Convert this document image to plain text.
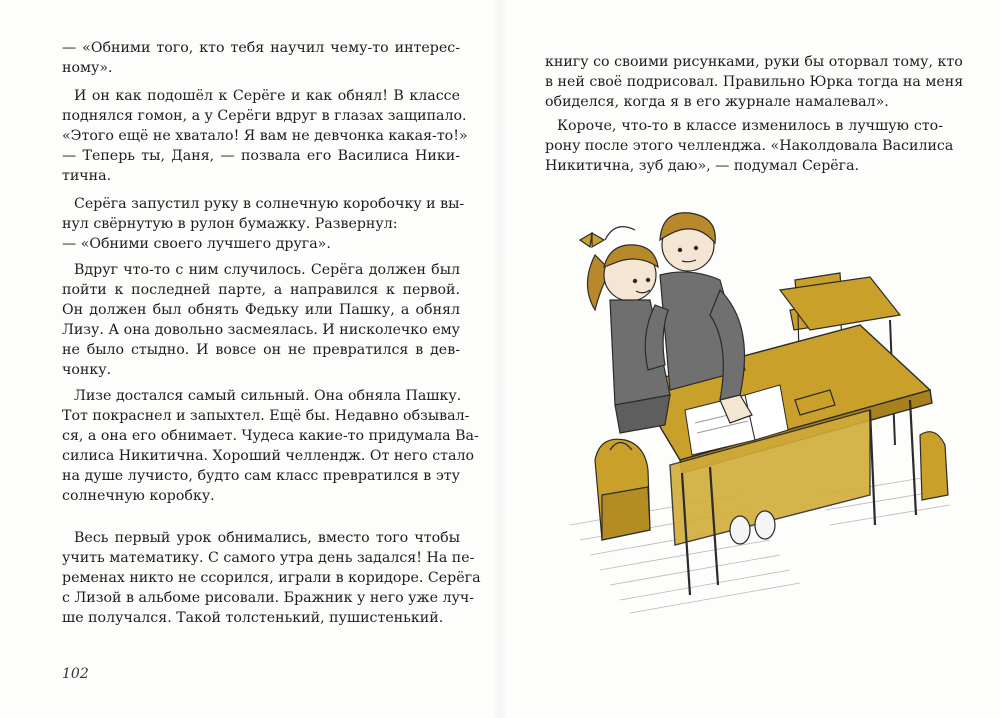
— «Обними того, кто тебя научил чему-то интерес-
ному».
И он как подошёл к Серёге и как обнял! В классе
поднялся гомон, а у Серёги вдруг в глазах защипало.
«Этого ещё не хватало! Я вам не девчонка какая-то!»
— Теперь ты, Даня, — позвала его Василиса Ники-
тична.
Серёга запустил руку в солнечную коробочку и вы-
нул свёрнутую в рулон бумажку. Развернул:
— «Обними своего лучшего друга».
Вдруг что-то с ним случилось. Серёга должен был
пойти к последней парте, а направился к первой.
Он должен был обнять Федьку или Пашку, а обнял
Лизу. А она довольно засмеялась. И нисколечко ему
не было стыдно. И вовсе он не превратился в дев-
чонку.
Лизе достался самый сильный. Она обняла Пашку.
Тот покраснел и запыхтел. Ещё бы. Недавно обзывал-
ся, а она его обнимает. Чудеса какие-то придумала Ва-
силиса Никитична. Хороший челлендж. От него стало
на душе лучисто, будто сам класс превратился в эту
солнечную коробку.
Весь первый урок обнимались, вместо того чтобы
учить математику. С самого утра день задался! На пе-
ременах никто не ссорился, играли в коридоре. Серёга
с Лизой в альбоме рисовали. Бражник у него уже луч-
ше получался. Такой толстенький, пушистенький.
102
книгу со своими рисунками, руки бы оторвал тому, кто
в ней своё подрисовал. Правильно Юрка тогда на меня
обиделся, когда я в его журнале намалевал».
Короче, что-то в классе изменилось в лучшую сто-
рону после этого челленджа. «Наколдовала Василиса
Никитична, зуб даю», — подумал Серёга.
